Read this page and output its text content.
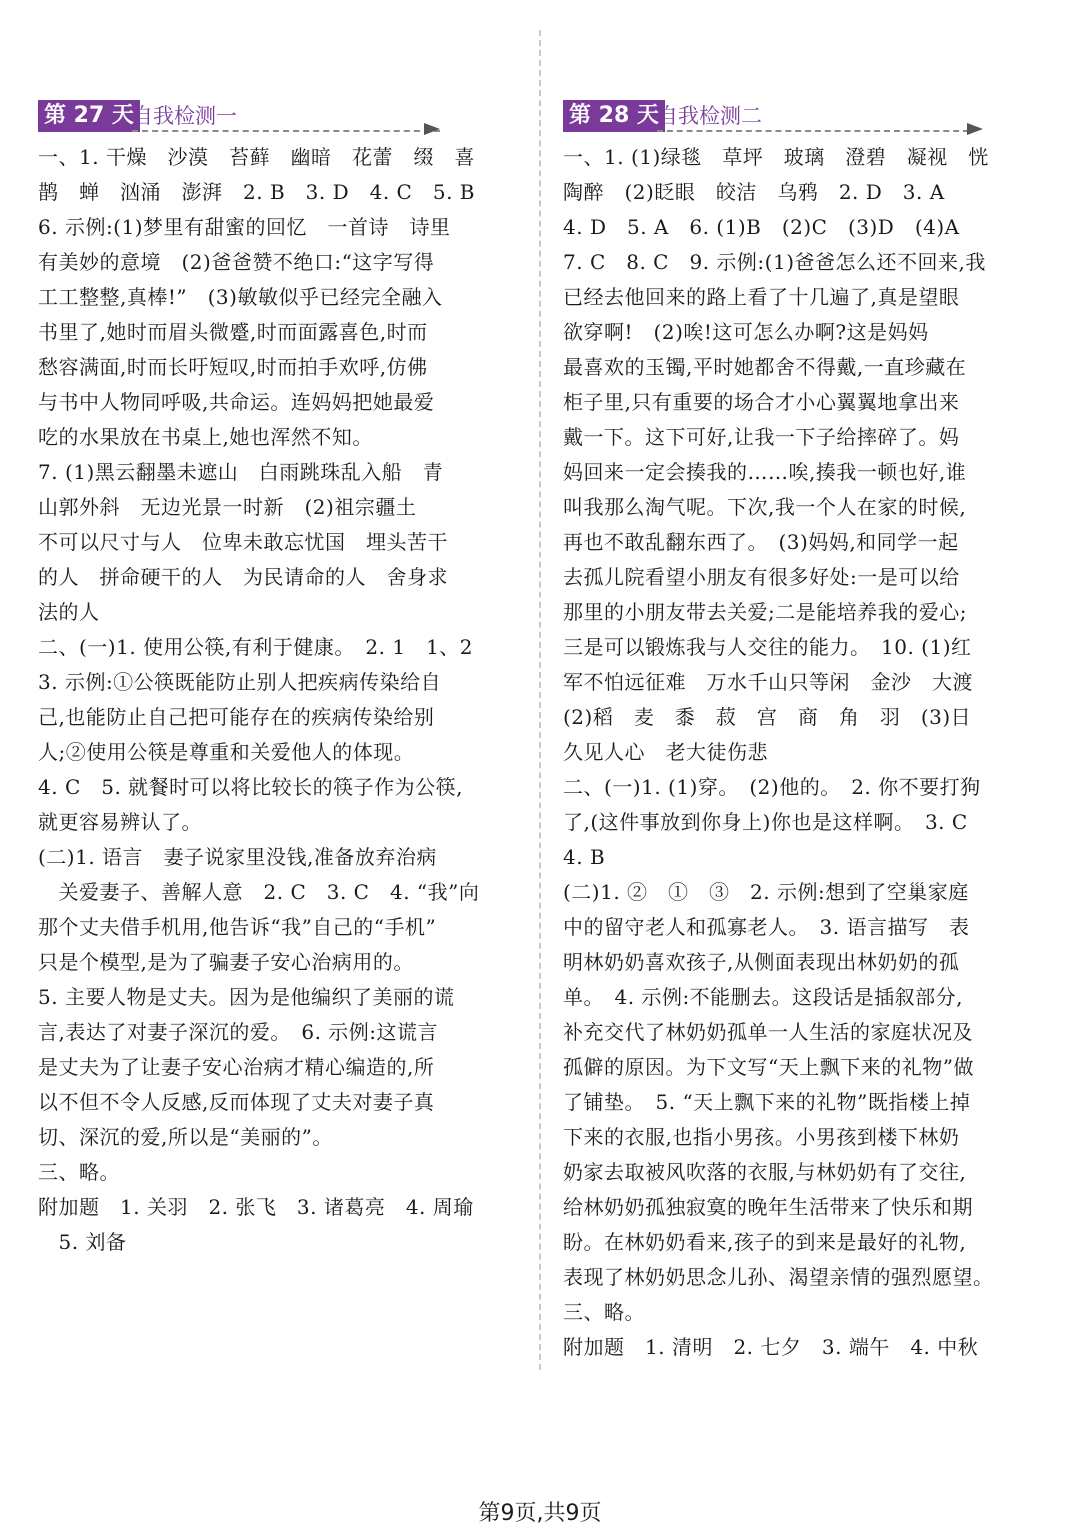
第 27 天
自我检测一
一、1. 干燥　沙漠　苔藓　幽暗　花蕾　缀　喜
鹊　蝉　汹涌　澎湃　2. B　3. D　4. C　5. B
6. 示例:(1)梦里有甜蜜的回忆　一首诗　诗里
有美妙的意境　(2)爸爸赞不绝口:“这字写得
工工整整,真棒!”　(3)敏敏似乎已经完全融入
书里了,她时而眉头微蹙,时而面露喜色,时而
愁容满面,时而长吁短叹,时而拍手欢呼,仿佛
与书中人物同呼吸,共命运。连妈妈把她最爱
吃的水果放在书桌上,她也浑然不知。
7. (1)黑云翻墨未遮山　白雨跳珠乱入船　青
山郭外斜　无边光景一时新　(2)祖宗疆土
不可以尺寸与人　位卑未敢忘忧国　埋头苦干
的人　拼命硬干的人　为民请命的人　舍身求
法的人
二、(一)1. 使用公筷,有利于健康。　2. 1　1、2
3. 示例:①公筷既能防止别人把疾病传染给自
己,也能防止自己把可能存在的疾病传染给别
人;②使用公筷是尊重和关爱他人的体现。
4. C　5. 就餐时可以将比较长的筷子作为公筷,
就更容易辨认了。
(二)1. 语言　妻子说家里没钱,准备放弃治病
　关爱妻子、善解人意　2. C　3. C　4. “我”向
那个丈夫借手机用,他告诉“我”自己的“手机”
只是个模型,是为了骗妻子安心治病用的。
5. 主要人物是丈夫。因为是他编织了美丽的谎
言,表达了对妻子深沉的爱。　6. 示例:这谎言
是丈夫为了让妻子安心治病才精心编造的,所
以不但不令人反感,反而体现了丈夫对妻子真
切、深沉的爱,所以是“美丽的”。
三、略。
附加题　1. 关羽　2. 张飞　3. 诸葛亮　4. 周瑜
　5. 刘备
第 28 天
自我检测二
一、1. (1)绿毯　草坪　玻璃　澄碧　凝视　恍
陶醉　(2)眨眼　皎洁　乌鸦　2. D　3. A
4. D　5. A　6. (1)B　(2)C　(3)D　(4)A
7. C　8. C　9. 示例:(1)爸爸怎么还不回来,我
已经去他回来的路上看了十几遍了,真是望眼
欲穿啊!　(2)唉!这可怎么办啊?这是妈妈
最喜欢的玉镯,平时她都舍不得戴,一直珍藏在
柜子里,只有重要的场合才小心翼翼地拿出来
戴一下。这下可好,让我一下子给摔碎了。妈
妈回来一定会揍我的……唉,揍我一顿也好,谁
叫我那么淘气呢。下次,我一个人在家的时候,
再也不敢乱翻东西了。　(3)妈妈,和同学一起
去孤儿院看望小朋友有很多好处:一是可以给
那里的小朋友带去关爱;二是能培养我的爱心;
三是可以锻炼我与人交往的能力。　10. (1)红
军不怕远征难　万水千山只等闲　金沙　大渡
(2)稻　麦　黍　菽　宫　商　角　羽　(3)日
久见人心　老大徒伤悲
二、(一)1. (1)穿。　(2)他的。　2. 你不要打狗
了,(这件事放到你身上)你也是这样啊。　3. C
4. B
(二)1. ②　①　③　2. 示例:想到了空巢家庭
中的留守老人和孤寡老人。　3. 语言描写　表
明林奶奶喜欢孩子,从侧面表现出林奶奶的孤
单。　4. 示例:不能删去。这段话是插叙部分,
补充交代了林奶奶孤单一人生活的家庭状况及
孤僻的原因。为下文写“天上飘下来的礼物”做
了铺垫。　5. “天上飘下来的礼物”既指楼上掉
下来的衣服,也指小男孩。小男孩到楼下林奶
奶家去取被风吹落的衣服,与林奶奶有了交往,
给林奶奶孤独寂寞的晚年生活带来了快乐和期
盼。在林奶奶看来,孩子的到来是最好的礼物,
表现了林奶奶思念儿孙、渴望亲情的强烈愿望。
三、略。
附加题　1. 清明　2. 七夕　3. 端午　4. 中秋
第9页,共9页
